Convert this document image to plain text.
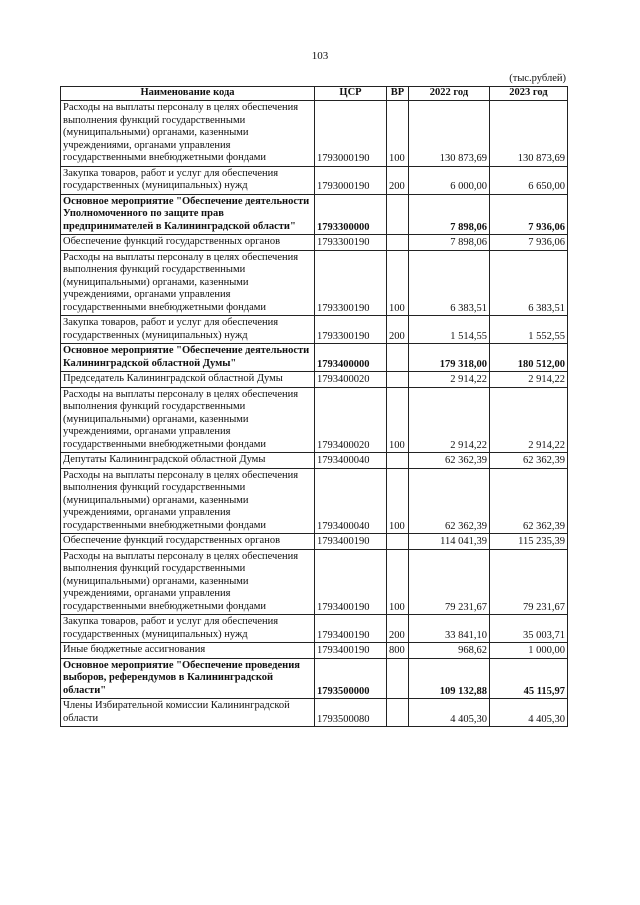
103
(тыс.рублей)
Наименование кода	ЦСР	ВР	2022 год	2023 год
Расходы на выплаты персоналу в целях обеспечения выполнения функций государственными (муниципальными) органами, казенными учреждениями, органами управления государственными внебюджетными фондами	1793000190	100	130 873,69	130 873,69
Закупка товаров, работ и услуг для обеспечения государственных (муниципальных) нужд	1793000190	200	6 000,00	6 650,00
Основное мероприятие "Обеспечение деятельности Уполномоченного по защите прав предпринимателей в Калининградской области"	1793300000		7 898,06	7 936,06
Обеспечение функций государственных органов	1793300190		7 898,06	7 936,06
Расходы на выплаты персоналу в целях обеспечения выполнения функций государственными (муниципальными) органами, казенными учреждениями, органами управления государственными внебюджетными фондами	1793300190	100	6 383,51	6 383,51
Закупка товаров, работ и услуг для обеспечения государственных (муниципальных) нужд	1793300190	200	1 514,55	1 552,55
Основное мероприятие "Обеспечение деятельности Калининградской областной Думы"	1793400000		179 318,00	180 512,00
Председатель Калининградской областной Думы	1793400020		2 914,22	2 914,22
Расходы на выплаты персоналу в целях обеспечения выполнения функций государственными (муниципальными) органами, казенными учреждениями, органами управления государственными внебюджетными фондами	1793400020	100	2 914,22	2 914,22
Депутаты Калининградской областной Думы	1793400040		62 362,39	62 362,39
Расходы на выплаты персоналу в целях обеспечения выполнения функций государственными (муниципальными) органами, казенными учреждениями, органами управления государственными внебюджетными фондами	1793400040	100	62 362,39	62 362,39
Обеспечение функций государственных органов	1793400190		114 041,39	115 235,39
Расходы на выплаты персоналу в целях обеспечения выполнения функций государственными (муниципальными) органами, казенными учреждениями, органами управления государственными внебюджетными фондами	1793400190	100	79 231,67	79 231,67
Закупка товаров, работ и услуг для обеспечения государственных (муниципальных) нужд	1793400190	200	33 841,10	35 003,71
Иные бюджетные ассигнования	1793400190	800	968,62	1 000,00
Основное мероприятие "Обеспечение проведения выборов, референдумов в Калининградской области"	1793500000		109 132,88	45 115,97
Члены Избирательной комиссии Калининградской области	1793500080		4 405,30	4 405,30
